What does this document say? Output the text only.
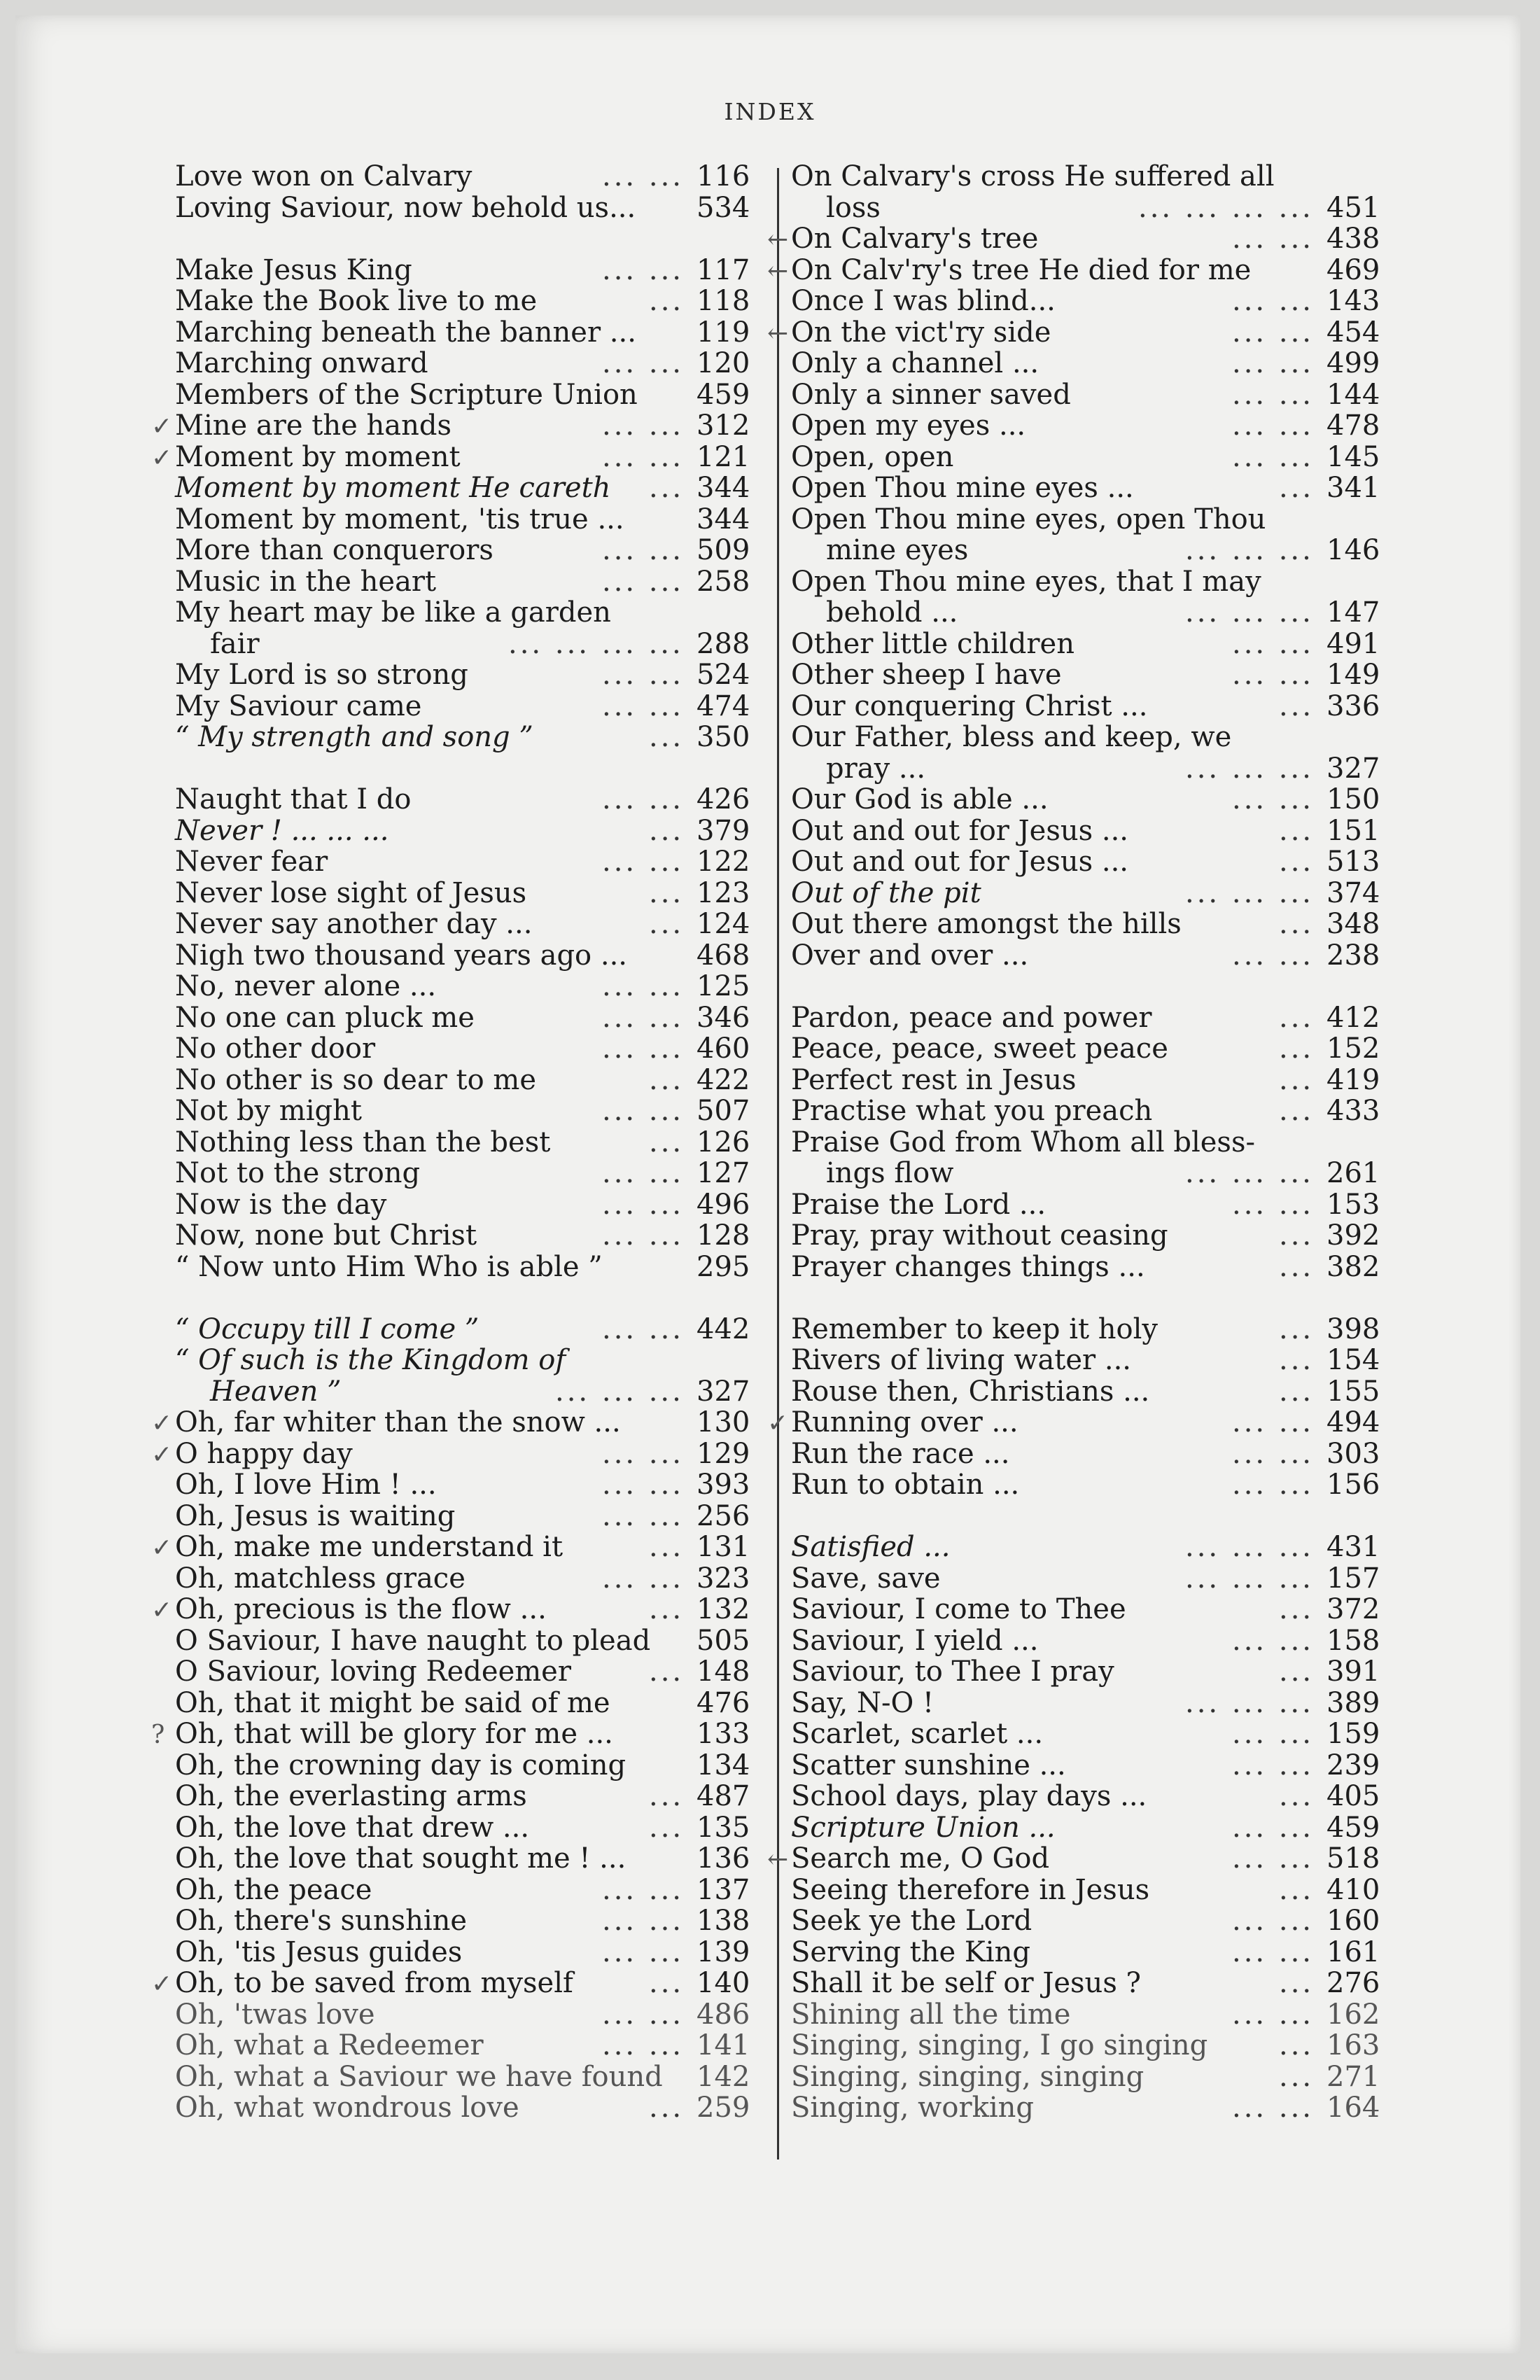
INDEX
Love won on Calvary	... ... 116
Loving Saviour, now behold us... 534
Make Jesus King	... ... 117
Make the Book live to me	... 118
Marching beneath the banner ... 119
Marching onward	... ... 120
Members of the Scripture Union 459
✓ Mine are the hands	... ... 312
✓ Moment by moment	... ... 121
Moment by moment He careth ... 344
Moment by moment, 'tis true ...	344
More than conquerors	... ... 509
Music in the heart	... ... 258
My heart may be like a garden
fair	... ... ... ... 288
My Lord is so strong	... ... 524
My Saviour came	... ... 474
“ My strength and song ”	... 350
Naught that I do	... ... 426
Never ! ... ... ...	... 379
Never fear	... ... 122
Never lose sight of Jesus	... 123
Never say another day ...	... 124
Nigh two thousand years ago ... 468
No, never alone ...	... ... 125
No one can pluck me	... ... 346
No other door	... ... 460
No other is so dear to me	... 422
Not by might	... ... 507
Nothing less than the best	... 126
Not to the strong	... ... 127
Now is the day	... ... 496
Now, none but Christ	... ... 128
“ Now unto Him Who is able ”	295
“ Occupy till I come ”	... ... 442
“ Of such is the Kingdom of
Heaven ”	... ... ... 327
✓ Oh, far whiter than the snow ...	130
✓ O happy day	... ... 129
Oh, I love Him ! ...	... ... 393
Oh, Jesus is waiting	... ... 256
✓ Oh, make me understand it	... 131
Oh, matchless grace	... ... 323
✓ Oh, precious is the flow ...	... 132
O Saviour, I have naught to plead 505
O Saviour, loving Redeemer	... 148
Oh, that it might be said of me	476
? Oh, that will be glory for me ...	133
Oh, the crowning day is coming	134
Oh, the everlasting arms	... 487
Oh, the love that drew ...	... 135
Oh, the love that sought me ! ...	136
Oh, the peace	... ... 137
Oh, there's sunshine	... ... 138
Oh, 'tis Jesus guides	... ... 139
✓ Oh, to be saved from myself	... 140
Oh, 'twas love	... ... 486
Oh, what a Redeemer	... ... 141
Oh, what a Saviour we have found 142
Oh, what wondrous love	... 259
On Calvary's cross He suffered all
loss	... ... ... ... 451
← On Calvary's tree	... ... 438
← On Calv'ry's tree He died for me	469
Once I was blind...	... ... 143
← On the vict'ry side	... ... 454
Only a channel ...	... ... 499
Only a sinner saved	... ... 144
Open my eyes ...	... ... 478
Open, open	... ... 145
Open Thou mine eyes ...	... 341
Open Thou mine eyes, open Thou
mine eyes	... ... ... 146
Open Thou mine eyes, that I may
behold ...	... ... ... 147
Other little children	... ... 491
Other sheep I have	... ... 149
Our conquering Christ ...	... 336
Our Father, bless and keep, we
pray ...	... ... ... 327
Our God is able ...	... ... 150
Out and out for Jesus ...	... 151
Out and out for Jesus ...	... 513
Out of the pit	... ... ... 374
Out there amongst the hills	... 348
Over and over ...	... ... 238
Pardon, peace and power	... 412
Peace, peace, sweet peace	... 152
Perfect rest in Jesus	... 419
Practise what you preach	... 433
Praise God from Whom all bless-
ings flow	... ... ... 261
Praise the Lord ...	... ... 153
Pray, pray without ceasing	... 392
Prayer changes things ...	... 382
Remember to keep it holy	... 398
Rivers of living water ...	... 154
Rouse then, Christians ...	... 155
✓ Running over ...	... ... 494
Run the race ...	... ... 303
Run to obtain ...	... ... 156
Satisfied ...	... ... ... 431
Save, save	... ... ... 157
Saviour, I come to Thee	... 372
Saviour, I yield ...	... ... 158
Saviour, to Thee I pray	... 391
Say, N-O !	... ... ... 389
Scarlet, scarlet ...	... ... 159
Scatter sunshine ...	... ... 239
School days, play days ...	... 405
Scripture Union ...	... ... 459
← Search me, O God	... ... 518
Seeing therefore in Jesus	... 410
Seek ye the Lord	... ... 160
Serving the King	... ... 161
Shall it be self or Jesus ?	... 276
Shining all the time	... ... 162
Singing, singing, I go singing	... 163
Singing, singing, singing	... 271
Singing, working	... ... 164
